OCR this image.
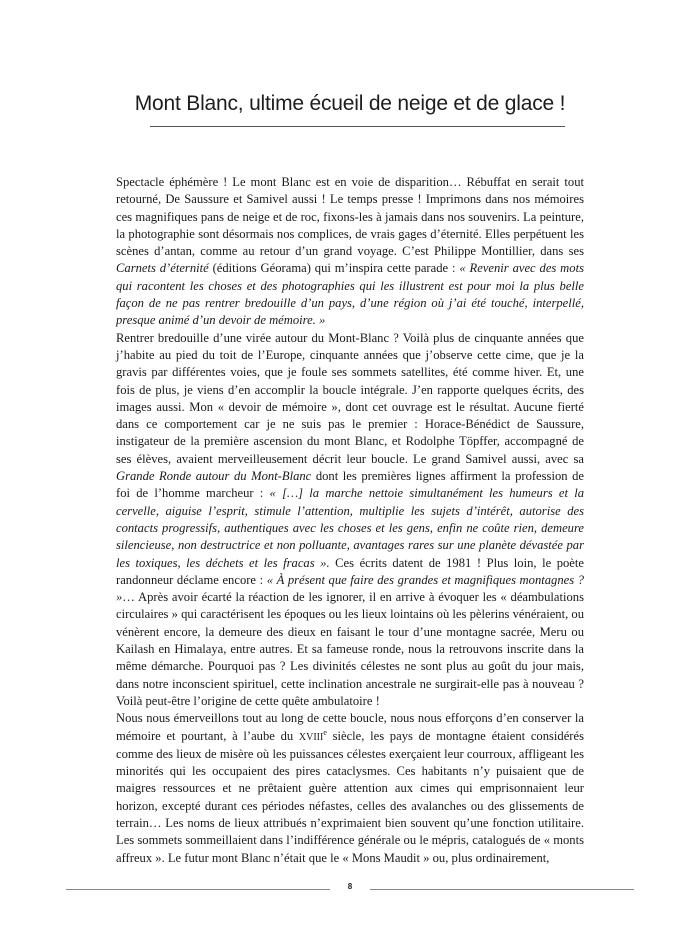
Mont Blanc, ultime écueil de neige et de glace !

Spectacle éphémère ! Le mont Blanc est en voie de disparition… Rébuffat en serait tout retourné, De Saussure et Samivel aussi ! Le temps presse ! Imprimons dans nos mémoires ces magnifiques pans de neige et de roc, fixons-les à jamais dans nos souvenirs. La peinture, la photographie sont désormais nos complices, de vrais gages d’éternité. Elles perpétuent les scènes d’antan, comme au retour d’un grand voyage. C’est Philippe Montillier, dans ses Carnets d’éternité (éditions Géorama) qui m’inspira cette parade : « Revenir avec des mots qui racontent les choses et des photographies qui les illustrent est pour moi la plus belle façon de ne pas rentrer bredouille d’un pays, d’une région où j’ai été touché, interpellé, presque animé d’un devoir de mémoire. »

Rentrer bredouille d’une virée autour du Mont-Blanc ? Voilà plus de cinquante années que j’habite au pied du toit de l’Europe, cinquante années que j’observe cette cime, que je la gravis par différentes voies, que je foule ses sommets satellites, été comme hiver. Et, une fois de plus, je viens d’en accomplir la boucle intégrale. J’en rapporte quelques écrits, des images aussi. Mon « devoir de mémoire », dont cet ouvrage est le résultat. Aucune fierté dans ce comportement car je ne suis pas le premier : Horace-Bénédict de Saussure, instigateur de la première ascension du mont Blanc, et Rodolphe Töpffer, accompagné de ses élèves, avaient merveilleusement décrit leur boucle. Le grand Samivel aussi, avec sa Grande Ronde autour du Mont-Blanc dont les premières lignes affirment la profession de foi de l’homme marcheur : « […] la marche nettoie simultanément les humeurs et la cervelle, aiguise l’esprit, stimule l’attention, multiplie les sujets d’intérêt, autorise des contacts progressifs, authentiques avec les choses et les gens, enfin ne coûte rien, demeure silencieuse, non destructrice et non polluante, avantages rares sur une planète dévastée par les toxiques, les déchets et les fracas ». Ces écrits datent de 1981 ! Plus loin, le poète randonneur déclame encore : « À présent que faire des grandes et magnifiques montagnes ? »… Après avoir écarté la réaction de les ignorer, il en arrive à évoquer les « déambulations circulaires » qui caractérisent les époques ou les lieux lointains où les pèlerins vénéraient, ou vénèrent encore, la demeure des dieux en faisant le tour d’une montagne sacrée, Meru ou Kailash en Himalaya, entre autres. Et sa fameuse ronde, nous la retrouvons inscrite dans la même démarche. Pourquoi pas ? Les divinités célestes ne sont plus au goût du jour mais, dans notre inconscient spirituel, cette inclination ancestrale ne surgirait-elle pas à nouveau ? Voilà peut-être l’origine de cette quête ambulatoire !

Nous nous émerveillons tout au long de cette boucle, nous nous efforçons d’en conserver la mémoire et pourtant, à l’aube du XVIIIe siècle, les pays de montagne étaient considérés comme des lieux de misère où les puissances célestes exerçaient leur courroux, affligeant les minorités qui les occupaient des pires cataclysmes. Ces habitants n’y puisaient que de maigres ressources et ne prêtaient guère attention aux cimes qui emprisonnaient leur horizon, excepté durant ces périodes néfastes, celles des avalanches ou des glissements de terrain… Les noms de lieux attribués n’exprimaient bien souvent qu’une fonction utilitaire. Les sommets sommeillaient dans l’indifférence générale ou le mépris, catalogués de « monts affreux ». Le futur mont Blanc n’était que le « Mons Maudit » ou, plus ordinairement,

8
